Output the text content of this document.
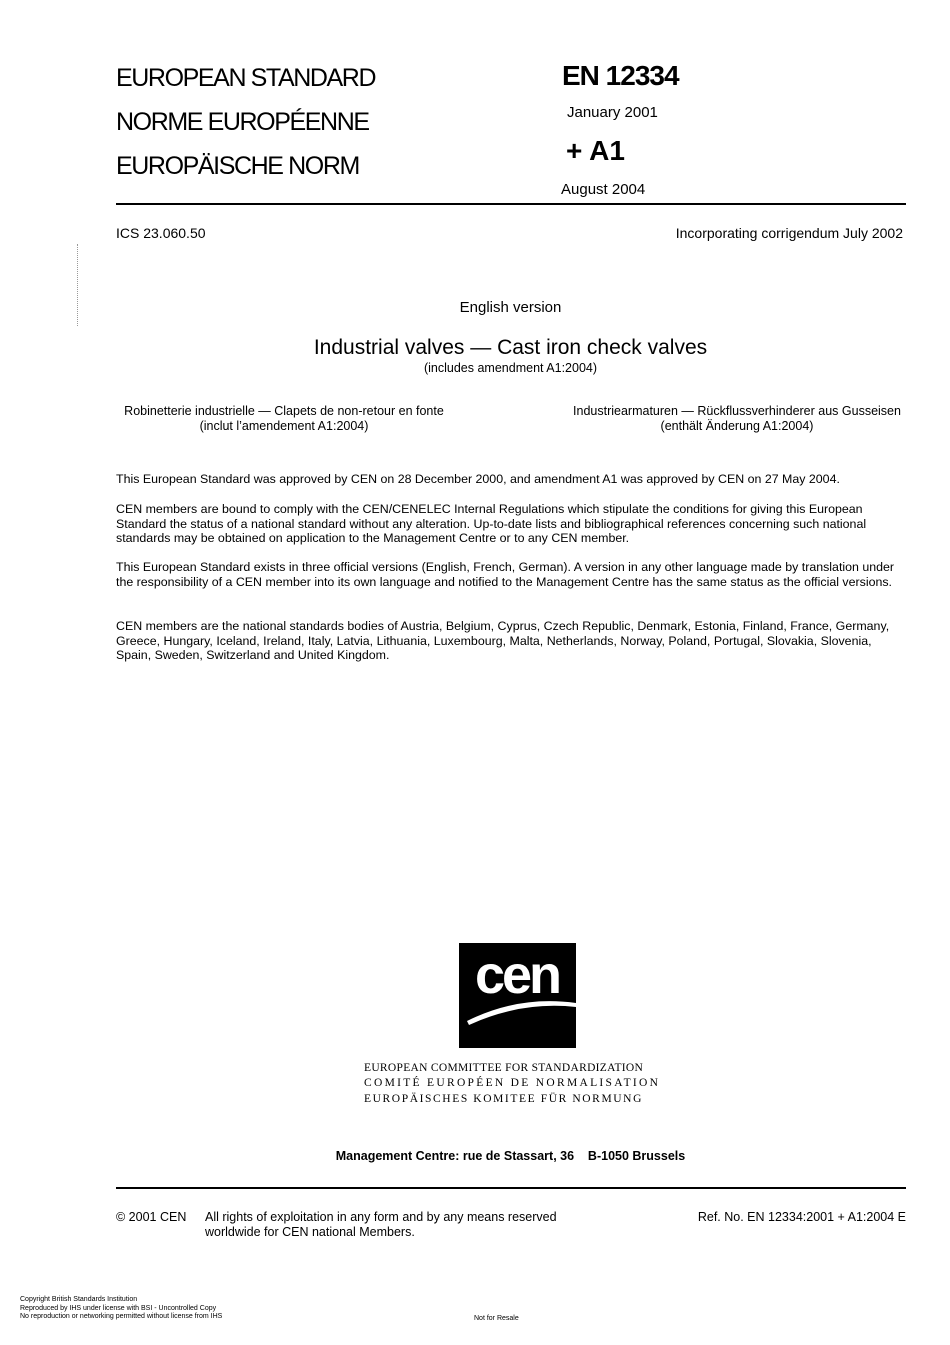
EUROPEAN STANDARD
NORME EUROPÉENNE
EUROPÄISCHE NORM
EN 12334
January 2001
+ A1
August 2004
ICS 23.060.50	Incorporating corrigendum July 2002
English version
Industrial valves — Cast iron check valves
(includes amendment A1:2004)
Robinetterie industrielle — Clapets de non-retour en fonte
(inclut l’amendement A1:2004)
Industriearmaturen — Rückflussverhinderer aus Gusseisen
(enthält Änderung A1:2004)

This European Standard was approved by CEN on 28 December 2000, and amendment A1 was approved by CEN on 27 May 2004.

CEN members are bound to comply with the CEN/CENELEC Internal Regulations which stipulate the conditions for giving this European Standard the status of a national standard without any alteration. Up-to-date lists and bibliographical references concerning such national standards may be obtained on application to the Management Centre or to any CEN member.

This European Standard exists in three official versions (English, French, German). A version in any other language made by translation under the responsibility of a CEN member into its own language and notified to the Management Centre has the same status as the official versions.

CEN members are the national standards bodies of Austria, Belgium, Cyprus, Czech Republic, Denmark, Estonia, Finland, France, Germany, Greece, Hungary, Iceland, Ireland, Italy, Latvia, Lithuania, Luxembourg, Malta, Netherlands, Norway, Poland, Portugal, Slovakia, Slovenia, Spain, Sweden, Switzerland and United Kingdom.

cen
EUROPEAN COMMITTEE FOR STANDARDIZATION
COMITÉ EUROPÉEN DE NORMALISATION
EUROPÄISCHES KOMITEE FÜR NORMUNG
Management Centre: rue de Stassart, 36    B-1050 Brussels
© 2001 CEN All rights of exploitation in any form and by any means reserved worldwide for CEN national Members.
Ref. No. EN 12334:2001 + A1:2004 E
Copyright British Standards Institution
Reproduced by IHS under license with BSI - Uncontrolled Copy
No reproduction or networking permitted without license from IHS	Not for Resale
